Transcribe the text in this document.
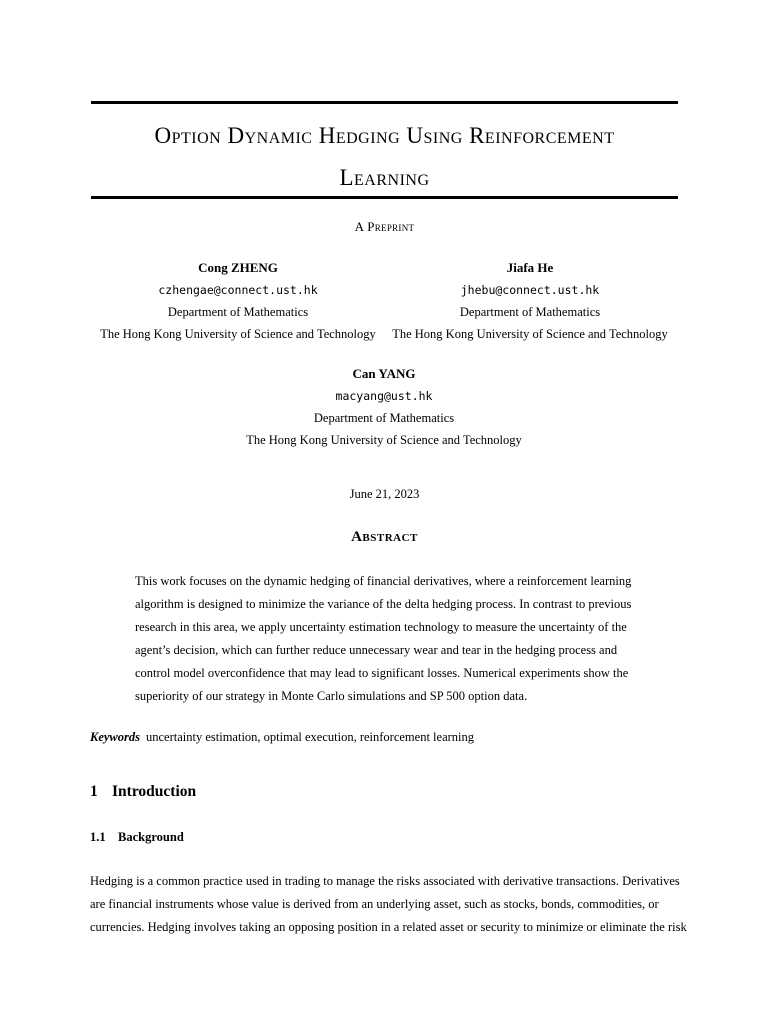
Option Dynamic Hedging Using Reinforcement
Learning
A Preprint
Cong ZHENG
czhengae@connect.ust.hk
Department of Mathematics
The Hong Kong University of Science and Technology
Jiafa He
jhebu@connect.ust.hk
Department of Mathematics
The Hong Kong University of Science and Technology
Can YANG
macyang@ust.hk
Department of Mathematics
The Hong Kong University of Science and Technology
June 21, 2023
Abstract
This work focuses on the dynamic hedging of financial derivatives, where a reinforcement learning
algorithm is designed to minimize the variance of the delta hedging process. In contrast to previous
research in this area, we apply uncertainty estimation technology to measure the uncertainty of the
agent’s decision, which can further reduce unnecessary wear and tear in the hedging process and
control model overconfidence that may lead to significant losses. Numerical experiments show the
superiority of our strategy in Monte Carlo simulations and SP 500 option data.
Keywords uncertainty estimation, optimal execution, reinforcement learning
1 Introduction
1.1 Background
Hedging is a common practice used in trading to manage the risks associated with derivative transactions. Derivatives
are financial instruments whose value is derived from an underlying asset, such as stocks, bonds, commodities, or
currencies. Hedging involves taking an opposing position in a related asset or security to minimize or eliminate the risk
